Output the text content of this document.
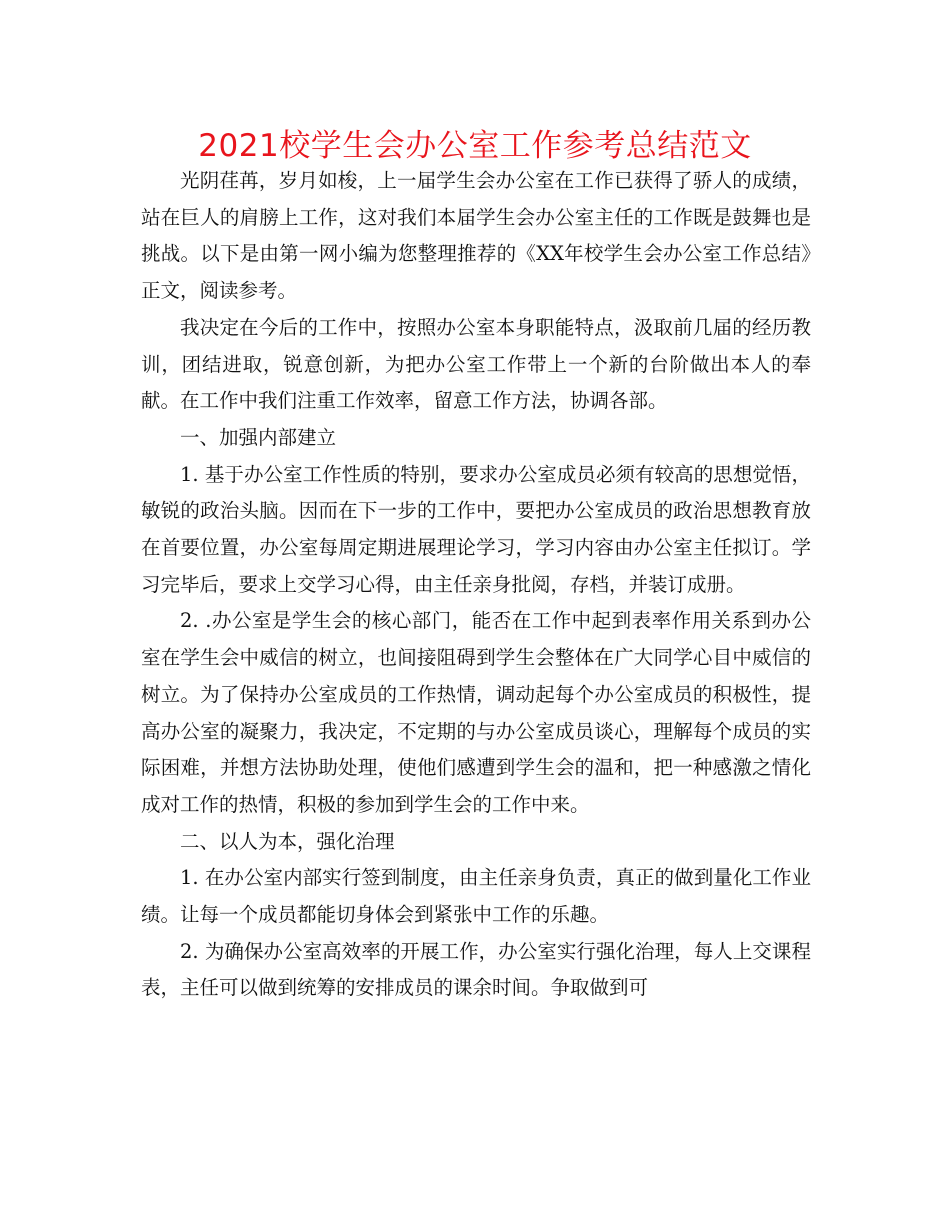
2021校学生会办公室工作参考总结范文

光阴荏苒，岁月如梭，上一届学生会办公室在工作已获得了骄人的成绩，站在巨人的肩膀上工作，这对我们本届学生会办公室主任的工作既是鼓舞也是挑战。以下是由第一网小编为您整理推荐的《XX年校学生会办公室工作总结》正文，阅读参考。

我决定在今后的工作中，按照办公室本身职能特点，汲取前几届的经历教训，团结进取，锐意创新，为把办公室工作带上一个新的台阶做出本人的奉献。在工作中我们注重工作效率，留意工作方法，协调各部。

一、加强内部建立

1. 基于办公室工作性质的特别，要求办公室成员必须有较高的思想觉悟，敏锐的政治头脑。因而在下一步的工作中，要把办公室成员的政治思想教育放在首要位置，办公室每周定期进展理论学习，学习内容由办公室主任拟订。学习完毕后，要求上交学习心得，由主任亲身批阅，存档，并装订成册。

2. .办公室是学生会的核心部门，能否在工作中起到表率作用关系到办公室在学生会中威信的树立，也间接阻碍到学生会整体在广大同学心目中威信的树立。为了保持办公室成员的工作热情，调动起每个办公室成员的积极性，提高办公室的凝聚力，我决定，不定期的与办公室成员谈心，理解每个成员的实际困难，并想方法协助处理，使他们感遭到学生会的温和，把一种感激之情化成对工作的热情，积极的参加到学生会的工作中来。

二、以人为本，强化治理

1. 在办公室内部实行签到制度，由主任亲身负责，真正的做到量化工作业绩。让每一个成员都能切身体会到紧张中工作的乐趣。

2. 为确保办公室高效率的开展工作，办公室实行强化治理，每人上交课程表，主任可以做到统筹的安排成员的课余时间。争取做到可
